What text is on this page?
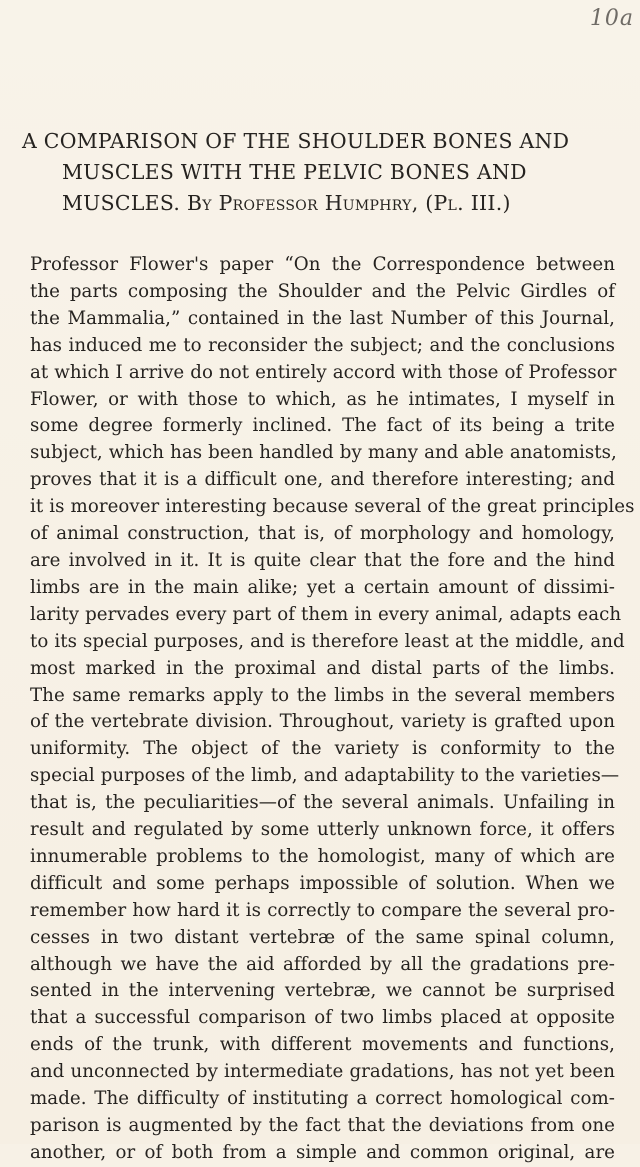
10a
A COMPARISON OF THE SHOULDER BONES AND
MUSCLES WITH THE PELVIC BONES AND
MUSCLES. By Professor Humphry, (Pl. III.)
Professor Flower's paper “On the Correspondence between
the parts composing the Shoulder and the Pelvic Girdles of
the Mammalia,” contained in the last Number of this Journal,
has induced me to reconsider the subject; and the conclusions
at which I arrive do not entirely accord with those of Professor
Flower, or with those to which, as he intimates, I myself in
some degree formerly inclined. The fact of its being a trite
subject, which has been handled by many and able anatomists,
proves that it is a difficult one, and therefore interesting; and
it is moreover interesting because several of the great principles
of animal construction, that is, of morphology and homology,
are involved in it. It is quite clear that the fore and the hind
limbs are in the main alike; yet a certain amount of dissimi-
larity pervades every part of them in every animal, adapts each
to its special purposes, and is therefore least at the middle, and
most marked in the proximal and distal parts of the limbs.
The same remarks apply to the limbs in the several members
of the vertebrate division. Throughout, variety is grafted upon
uniformity. The object of the variety is conformity to the
special purposes of the limb, and adaptability to the varieties—
that is, the peculiarities—of the several animals. Unfailing in
result and regulated by some utterly unknown force, it offers
innumerable problems to the homologist, many of which are
difficult and some perhaps impossible of solution. When we
remember how hard it is correctly to compare the several pro-
cesses in two distant vertebræ of the same spinal column,
although we have the aid afforded by all the gradations pre-
sented in the intervening vertebræ, we cannot be surprised
that a successful comparison of two limbs placed at opposite
ends of the trunk, with different movements and functions,
and unconnected by intermediate gradations, has not yet been
made. The difficulty of instituting a correct homological com-
parison is augmented by the fact that the deviations from one
another, or of both from a simple and common original, are
